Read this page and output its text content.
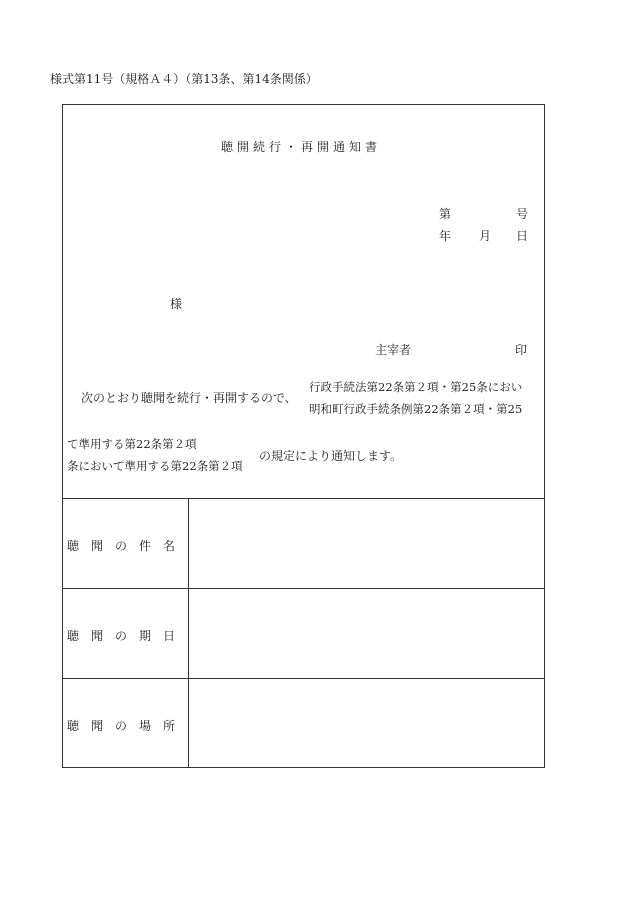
様式第11号（規格Ａ４）（第13条、第14条関係）
聴開続行・再開通知書
第	号
年 月 日
様
主宰者	印
次のとおり聴聞を続行・再開するので、
行政手続法第22条第２項・第25条におい
明和町行政手続条例第22条第２項・第25
て準用する第22条第２項
条において準用する第22条第２項
の規定により通知します。
聴　聞　の　件　名
聴　聞　の　期　日
聴　聞　の　場　所
